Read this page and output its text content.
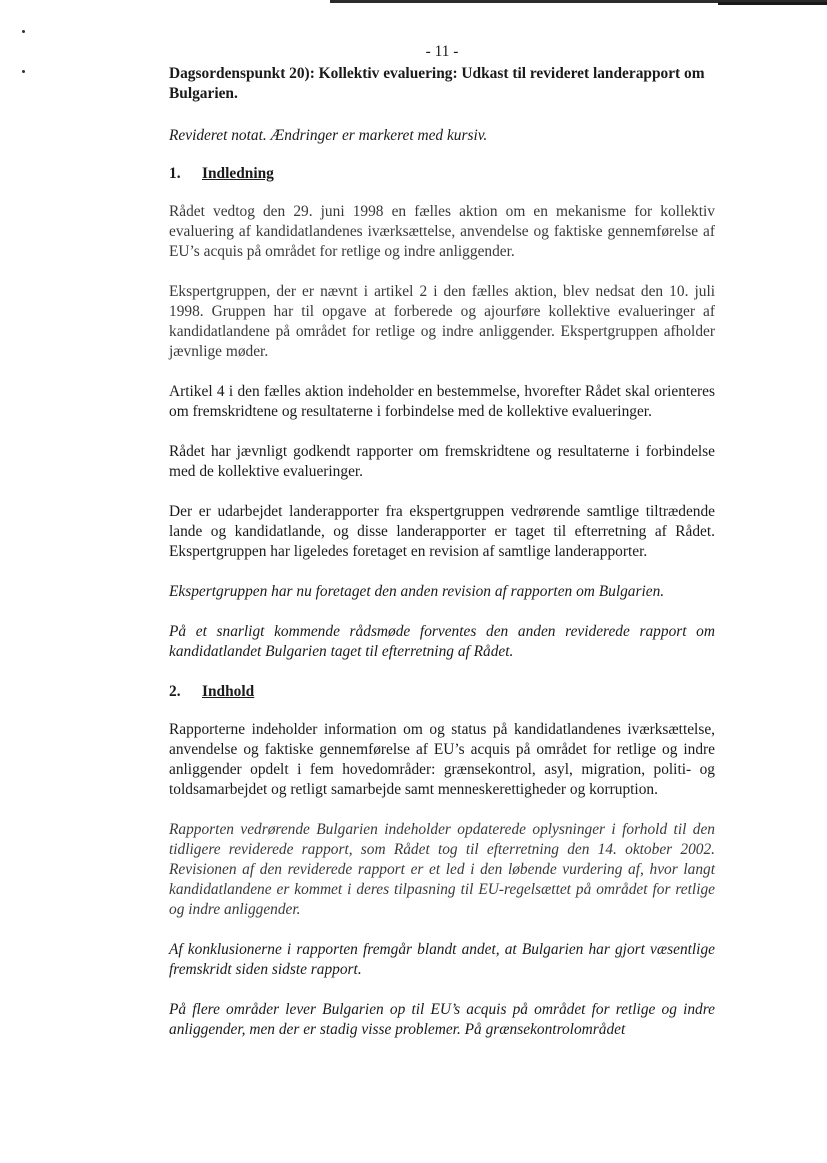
- 11 -
Dagsordenspunkt 20): Kollektiv evaluering: Udkast til revideret landerapport om Bulgarien.
Revideret notat. Ændringer er markeret med kursiv.
1. Indledning

Rådet vedtog den 29. juni 1998 en fælles aktion om en mekanisme for kollektiv evaluering af kandidatlandenes iværksættelse, anvendelse og faktiske gennemførelse af EU’s acquis på området for retlige og indre anliggender.

Ekspertgruppen, der er nævnt i artikel 2 i den fælles aktion, blev nedsat den 10. juli 1998. Gruppen har til opgave at forberede og ajourføre kollektive evalueringer af kandidatlandene på området for retlige og indre anliggender. Ekspertgruppen afholder jævnlige møder.

Artikel 4 i den fælles aktion indeholder en bestemmelse, hvorefter Rådet skal orienteres om fremskridtene og resultaterne i forbindelse med de kollektive evalueringer.

Rådet har jævnligt godkendt rapporter om fremskridtene og resultaterne i forbindelse med de kollektive evalueringer.

Der er udarbejdet landerapporter fra ekspertgruppen vedrørende samtlige tiltrædende lande og kandidatlande, og disse landerapporter er taget til efterretning af Rådet. Ekspertgruppen har ligeledes foretaget en revision af samtlige landerapporter.

Ekspertgruppen har nu foretaget den anden revision af rapporten om Bulgarien.

På et snarligt kommende rådsmøde forventes den anden reviderede rapport om kandidatlandet Bulgarien taget til efterretning af Rådet.

2. Indhold

Rapporterne indeholder information om og status på kandidatlandenes iværksættelse, anvendelse og faktiske gennemførelse af EU’s acquis på området for retlige og indre anliggender opdelt i fem hovedområder: grænsekontrol, asyl, migration, politi- og toldsamarbejdet og retligt samarbejde samt menneskerettigheder og korruption.

Rapporten vedrørende Bulgarien indeholder opdaterede oplysninger i forhold til den tidligere reviderede rapport, som Rådet tog til efterretning den 14. oktober 2002. Revisionen af den reviderede rapport er et led i den løbende vurdering af, hvor langt kandidatlandene er kommet i deres tilpasning til EU-regelsættet på området for retlige og indre anliggender.

Af konklusionerne i rapporten fremgår blandt andet, at Bulgarien har gjort væsentlige fremskridt siden sidste rapport.

På flere områder lever Bulgarien op til EU’s acquis på området for retlige og indre anliggender, men der er stadig visse problemer. På grænsekontrolområdet
